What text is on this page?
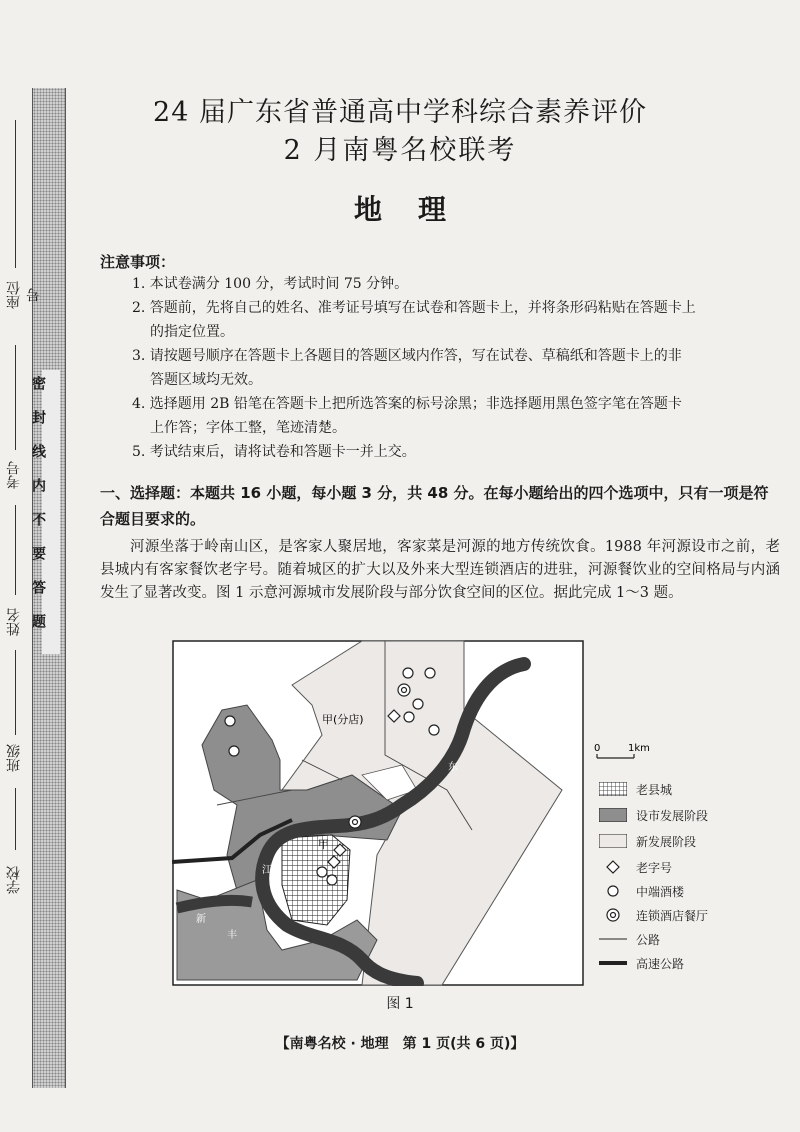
座位号
考号
姓名
班级
学校
24 届广东省普通高中学科综合素养评价
2 月南粤名校联考
地理
注意事项：
1. 本试卷满分 100 分，考试时间 75 分钟。
2. 答题前，先将自己的姓名、准考证号填写在试卷和答题卡上，并将条形码粘贴在答题卡上
的指定位置。
3. 请按题号顺序在答题卡上各题目的答题区域内作答，写在试卷、草稿纸和答题卡上的非
答题区域均无效。
4. 选择题用 2B 铅笔在答题卡上把所选答案的标号涂黑；非选择题用黑色签字笔在答题卡
上作答；字体工整，笔迹清楚。
5. 考试结束后，请将试卷和答题卡一并上交。
一、选择题：本题共 16 小题，每小题 3 分，共 48 分。在每小题给出的四个选项中，只有一项是符合题目要求的。
河源坐落于岭南山区，是客家人聚居地，客家菜是河源的地方传统饮食。1988 年河源设市之前，老县城内有客家餐饮老字号。随着城区的扩大以及外来大型连锁酒店的进驻，河源餐饮业的空间格局与内涵发生了显著改变。图 1 示意河源城市发展阶段与部分饮食空间的区位。据此完成 1～3 题。
甲(分店)
甲
东
江
新
丰
江
0	1km
老县城
设市发展阶段
新发展阶段
老字号
中端酒楼
连锁酒店餐厅
公路
高速公路
图 1
【南粤名校 · 地理　第 1 页(共 6 页)】
